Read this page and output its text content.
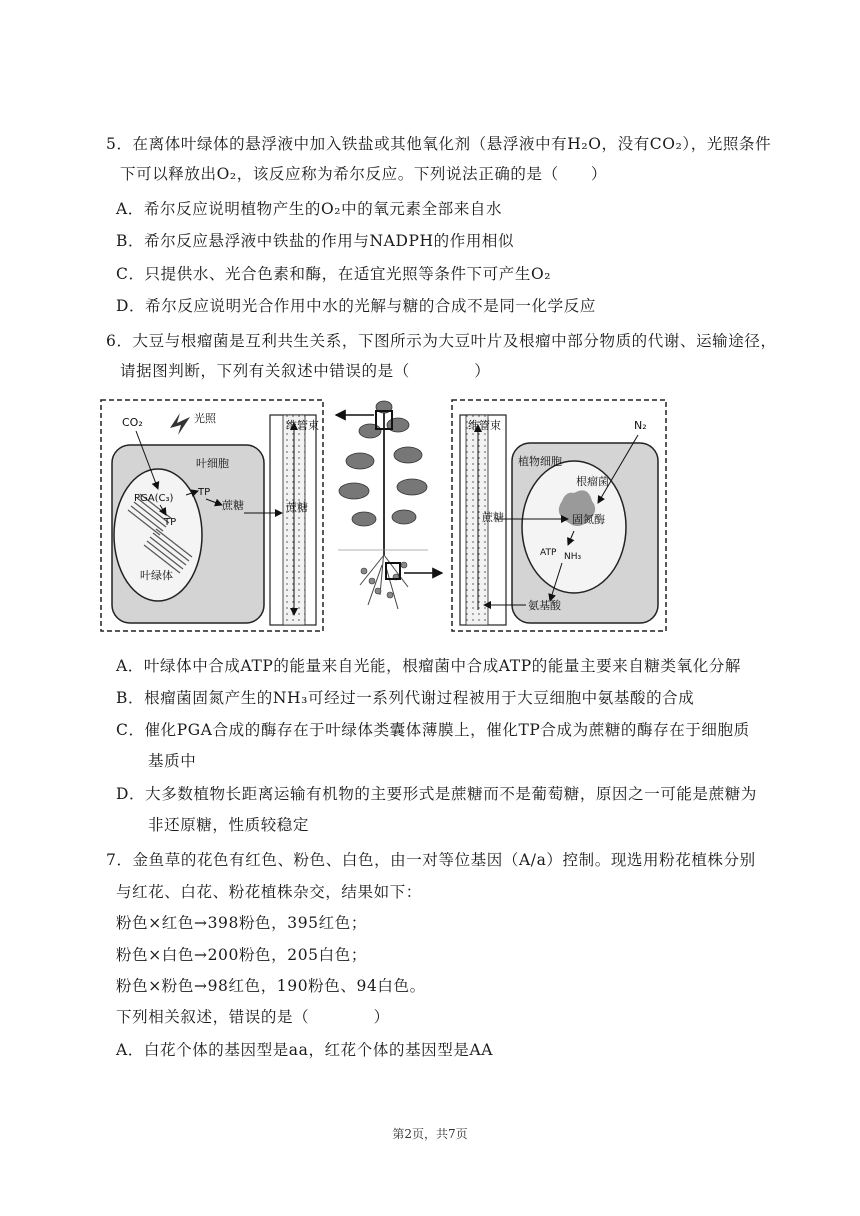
5．在离体叶绿体的悬浮液中加入铁盐或其他氧化剂（悬浮液中有H₂O，没有CO₂），光照条件
下可以释放出O₂，该反应称为希尔反应。下列说法正确的是（　　）
A．希尔反应说明植物产生的O₂中的氧元素全部来自水
B．希尔反应悬浮液中铁盐的作用与NADPH的作用相似
C．只提供水、光合色素和酶，在适宜光照等条件下可产生O₂
D．希尔反应说明光合作用中水的光解与糖的合成不是同一化学反应
6．大豆与根瘤菌是互利共生关系，下图所示为大豆叶片及根瘤中部分物质的代谢、运输途径，
请据图判断，下列有关叙述中错误的是（　　　　）
CO₂	光照
叶细胞
PGA(C₃)
TP
TP
蔗糖
叶绿体
维管束
蔗糖
维管束
蔗糖
植物细胞
N₂
根瘤菌
固氮酶
ATP NH₃
氨基酸
A．叶绿体中合成ATP的能量来自光能，根瘤菌中合成ATP的能量主要来自糖类氧化分解
B．根瘤菌固氮产生的NH₃可经过一系列代谢过程被用于大豆细胞中氨基酸的合成
C．催化PGA合成的酶存在于叶绿体类囊体薄膜上，催化TP合成为蔗糖的酶存在于细胞质
基质中
D．大多数植物长距离运输有机物的主要形式是蔗糖而不是葡萄糖，原因之一可能是蔗糖为
非还原糖，性质较稳定
7．金鱼草的花色有红色、粉色、白色，由一对等位基因（A/a）控制。现选用粉花植株分别
与红花、白花、粉花植株杂交，结果如下：
粉色×红色→398粉色，395红色；
粉色×白色→200粉色，205白色；
粉色×粉色→98红色，190粉色、94白色。
下列相关叙述，错误的是（　　　　）
A．白花个体的基因型是aa，红花个体的基因型是AA
第2页，共7页
